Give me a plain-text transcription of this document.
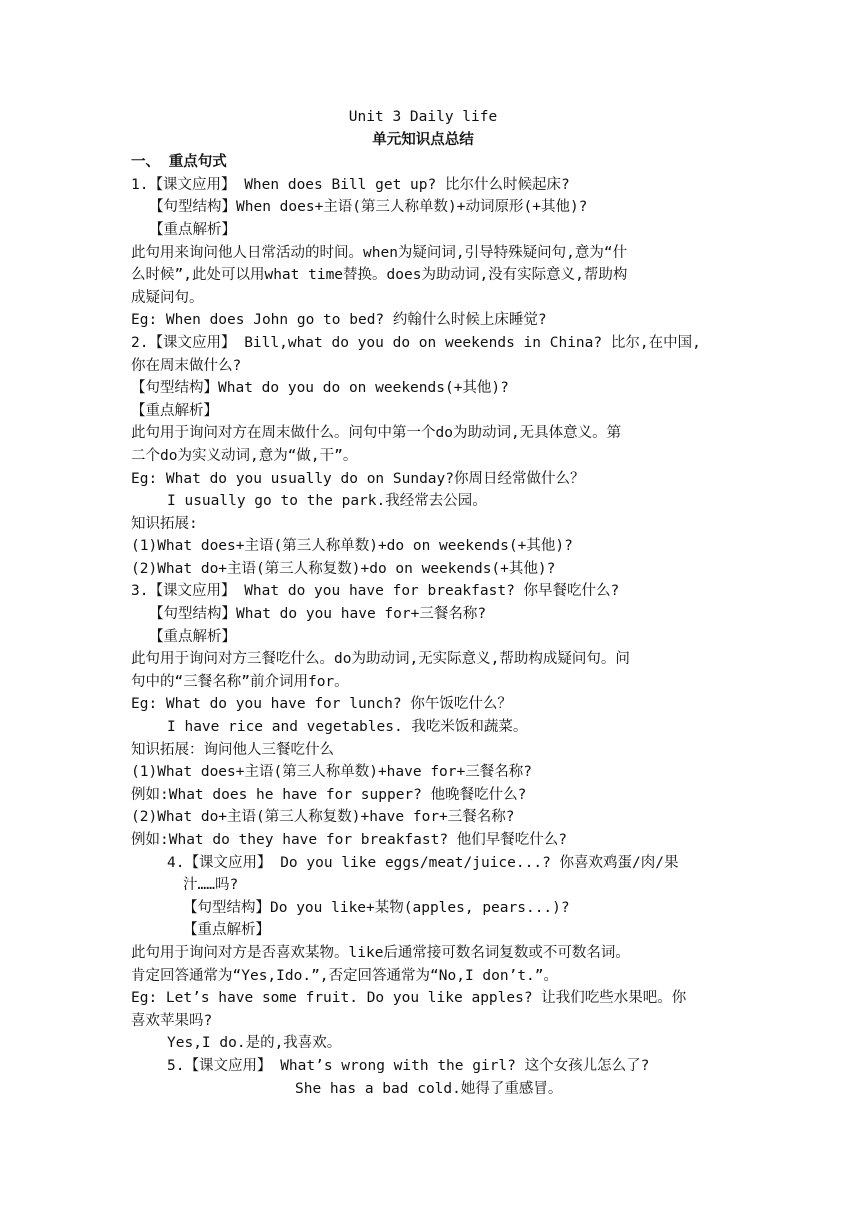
Unit 3 Daily life

单元知识点总结

一、 重点句式

1.【课文应用】 When does Bill get up? 比尔什么时候起床?

【句型结构】When does+主语(第三人称单数)+动词原形(+其他)?

【重点解析】

此句用来询问他人日常活动的时间。when为疑问词,引导特殊疑问句,意为“什

么时候”,此处可以用what time替换。does为助动词,没有实际意义,帮助构

成疑问句。

Eg: When does John go to bed? 约翰什么时候上床睡觉?

2.【课文应用】 Bill,what do you do on weekends in China? 比尔,在中国,

你在周末做什么?

【句型结构】What do you do on weekends(+其他)?

【重点解析】

此句用于询问对方在周末做什么。问句中第一个do为助动词,无具体意义。第

二个do为实义动词,意为“做,干”。

Eg: What do you usually do on Sunday?你周日经常做什么？

I usually go to the park.我经常去公园。

知识拓展:

(1)What does+主语(第三人称单数)+do on weekends(+其他)?

(2)What do+主语(第三人称复数)+do on weekends(+其他)?

3.【课文应用】 What do you have for breakfast? 你早餐吃什么?

【句型结构】What do you have for+三餐名称?

【重点解析】

此句用于询问对方三餐吃什么。do为助动词,无实际意义,帮助构成疑问句。问

句中的“三餐名称”前介词用for。

Eg: What do you have for lunch? 你午饭吃什么？

I have rice and vegetables. 我吃米饭和蔬菜。

知识拓展：询问他人三餐吃什么

(1)What does+主语(第三人称单数)+have for+三餐名称?

例如:What does he have for supper? 他晚餐吃什么?

(2)What do+主语(第三人称复数)+have for+三餐名称?

例如:What do they have for breakfast? 他们早餐吃什么?

4.【课文应用】 Do you like eggs/meat/juice...? 你喜欢鸡蛋/肉/果

汁……吗?

【句型结构】Do you like+某物(apples, pears...)?

【重点解析】

此句用于询问对方是否喜欢某物。like后通常接可数名词复数或不可数名词。

肯定回答通常为“Yes,Ido.”,否定回答通常为“No,I don’t.”。

Eg: Let’s have some fruit. Do you like apples? 让我们吃些水果吧。你

喜欢苹果吗?

Yes,I do.是的,我喜欢。

5.【课文应用】 What’s wrong with the girl? 这个女孩儿怎么了?

She has a bad cold.她得了重感冒。
